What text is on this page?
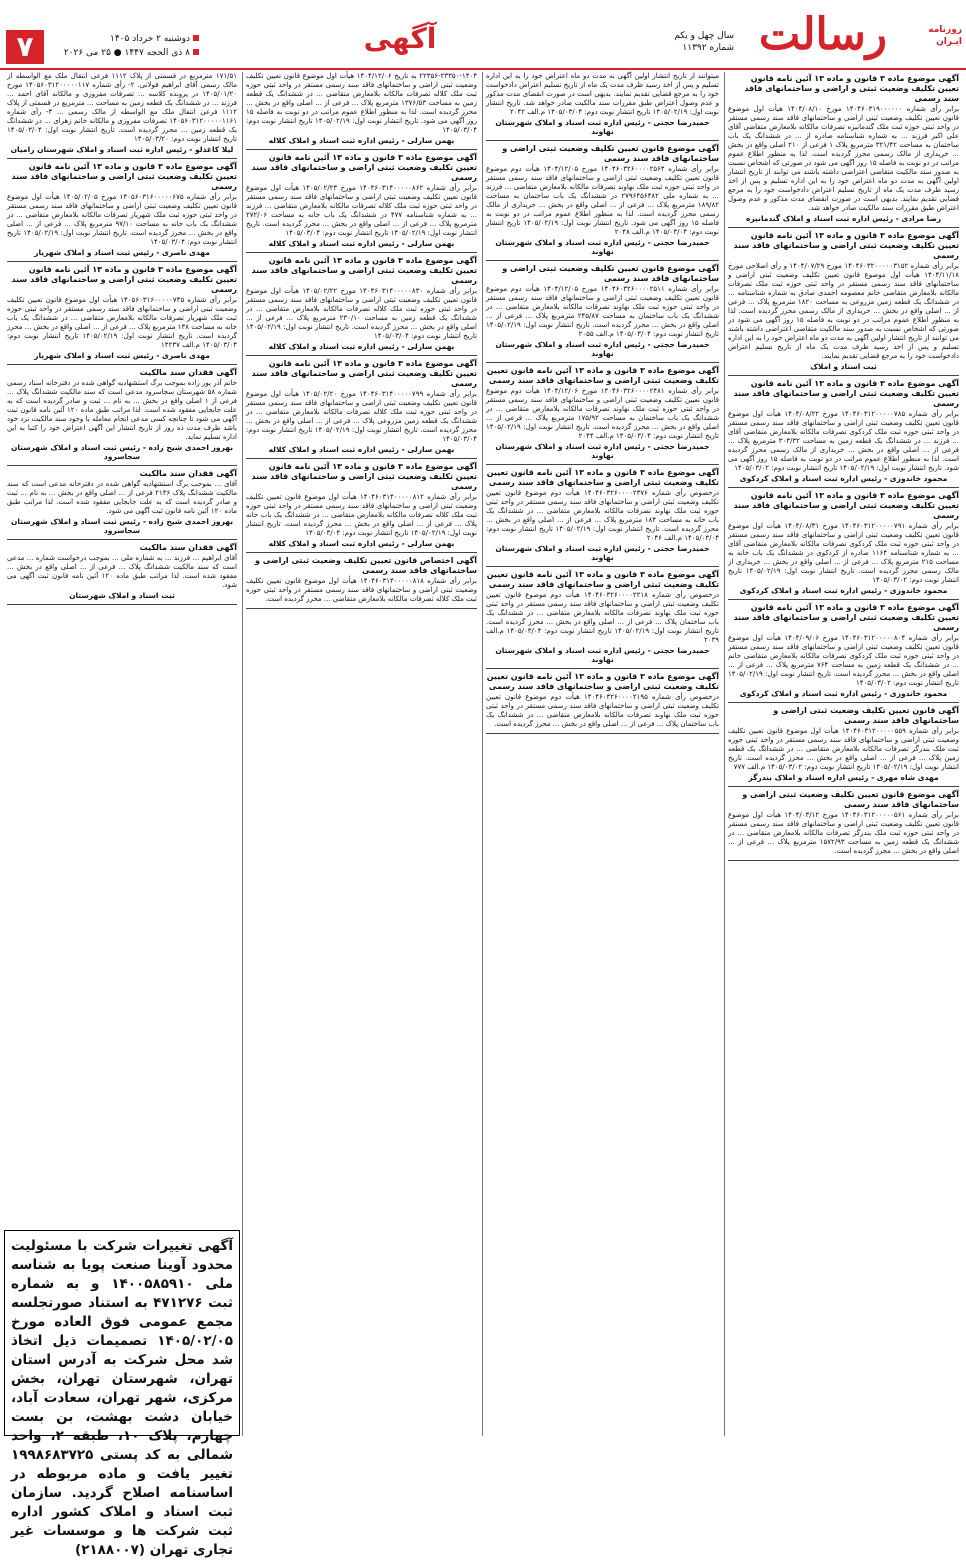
روزنامه
ایـران
رسالت
سال چهل و یکم
شماره ۱۱۳۹۲
آگهی
دوشنبه ۲ خرداد ۱۴۰۵
۸ ذی الحجه ۱۴۴۷ ● ۲۵ می ۲۰۲۶
۷
آگهی موضوع ماده ۳ قانون و ماده ۱۳ آئین نامه قانون تعیین تکلیف وضعیت ثبتی و اراضی و ساختمانهای فاقد سند رسمی
برابر رأی شماره ۱۴۰۴۶۰۳۱۹۰۰۰۰۰۰ مورخ ۱۴۰۴/۰۸/۱۰ هیأت اول موضوع قانون تعیین تکلیف وضعیت ثبتی اراضی و ساختمانهای فاقد سند رسمی مستقر در واحد ثبتی حوزه ثبت ملک گندمانیزه تصرفات مالکانه بلامعارض متقاضی آقای علی اکبر فرزند ... به شماره شناسنامه صادره از ... در ششدانگ یک باب ساختمان به مساحت ۳۲۱/۴۲ مترمربع پلاک ۱ فرعی از ۲۱۰ اصلی واقع در بخش ... خریداری از مالک رسمی محرز گردیده است. لذا به منظور اطلاع عموم مراتب در دو نوبت به فاصله ۱۵ روز آگهی می شود در صورتی که اشخاص نسبت به صدور سند مالکیت متقاضی اعتراضی داشته باشند می توانند از تاریخ انتشار اولین آگهی به مدت دو ماه اعتراض خود را به این اداره تسلیم و پس از اخذ رسید ظرف مدت یک ماه از تاریخ تسلیم اعتراض دادخواست خود را به مرجع قضایی تقدیم نمایند. بدیهی است در صورت انقضای مدت مذکور و عدم وصول اعتراض طبق مقررات سند مالکیت صادر خواهد شد.
رضا مرادی - رئیس اداره ثبت اسناد و املاک گندمانیزه
آگهی موضوع ماده ۳ قانون و ماده ۱۳ آئین نامه قانون تعیین تکلیف وضعیت ثبتی اراضی و ساختمانهای فاقد سند رسمی
برابر رأی شماره ۱۴۰۴۶۰۳۲۰۰۰۰۰۳۱۵۲ مورخ ۱۴۰۴/۰۷/۲۹ و رأی اصلاحی مورخ ۱۴۰۴/۱۱/۱۸ هیأت اول موضوع قانون تعیین تکلیف وضعیت ثبتی اراضی و ساختمانهای فاقد سند رسمی مستقر در واحد ثبتی حوزه ثبت ملک تصرفات مالکانه بلامعارض متقاضی خانم معصومه احمدی صادق به شماره شناسنامه ... در ششدانگ یک قطعه زمین مزروعی به مساحت ۱۸۲۰ مترمربع پلاک ... فرعی از ... اصلی واقع در بخش ... خریداری از مالک رسمی محرز گردیده است. لذا به منظور اطلاع عموم مراتب در دو نوبت به فاصله ۱۵ روز آگهی می شود در صورتی که اشخاص نسبت به صدور سند مالکیت متقاضی اعتراضی داشته باشند می توانند از تاریخ انتشار اولین آگهی به مدت دو ماه اعتراض خود را به این اداره تسلیم و پس از اخذ رسید ظرف مدت یک ماه از تاریخ تسلیم اعتراض دادخواست خود را به مرجع قضایی تقدیم نمایند.
ثبت اسناد و املاک
آگهی موضوع ماده ۳ قانون و ماده ۱۳ آئین نامه قانون تعیین تکلیف وضعیت ثبتی اراضی و ساختمانهای فاقد سند رسمی
برابر رأی شماره ۱۴۰۴۶۰۳۱۲۰۰۰۰۰۷۸۵ مورخ ۱۴۰۴/۰۸/۲۲ هیأت اول موضوع قانون تعیین تکلیف وضعیت ثبتی اراضی و ساختمانهای فاقد سند رسمی مستقر در واحد ثبتی حوزه ثبت ملک کردکوی تصرفات مالکانه بلامعارض متقاضی آقای ... فرزند ... در ششدانگ یک قطعه زمین به مساحت ۳۰۳/۳۲ مترمربع پلاک ... فرعی از ... اصلی واقع در بخش ... خریداری از مالک رسمی محرز گردیده است. لذا به منظور اطلاع عموم مراتب در دو نوبت به فاصله ۱۵ روز آگهی می شود. تاریخ انتشار نوبت اول: ۱۴۰۵/۰۲/۱۹ تاریخ انتشار نوبت دوم: ۱۴۰۵/۰۳/۰۲
محمود خاندوزی - رئیس اداره ثبت اسناد و املاک کردکوی
آگهی موضوع ماده ۳ قانون و ماده ۱۳ آئین نامه قانون تعیین تکلیف وضعیت ثبتی اراضی و ساختمانهای فاقد سند رسمی
برابر رأی شماره ۱۴۰۴۶۰۳۱۲۰۰۰۰۰۷۹۱ مورخ ۱۴۰۴/۰۸/۳۱ هیأت اول موضوع قانون تعیین تکلیف وضعیت ثبتی اراضی و ساختمانهای فاقد سند رسمی مستقر در واحد ثبتی حوزه ثبت ملک کردکوی تصرفات مالکانه بلامعارض متقاضی آقای ... به شماره شناسنامه ۱۱۶۴ صادره از کردکوی در ششدانگ یک باب خانه به مساحت ۲۱۵ مترمربع پلاک ... فرعی از ... اصلی واقع در بخش ... خریداری از مالک رسمی محرز گردیده است. تاریخ انتشار نوبت اول: ۱۴۰۵/۰۲/۱۹ تاریخ انتشار نوبت دوم: ۱۴۰۵/۰۳/۰۲
محمود خاندوزی - رئیس اداره ثبت اسناد و املاک کردکوی
آگهی موضوع ماده ۳ قانون و ماده ۱۳ آئین نامه قانون تعیین تکلیف وضعیت ثبتی اراضی و ساختمانهای فاقد سند رسمی
برابر رأی شماره ۱۴۰۴۶۰۳۱۲۰۰۰۰۰۸۰۴ مورخ ۱۴۰۴/۰۹/۰۶ هیأت اول موضوع قانون تعیین تکلیف وضعیت ثبتی اراضی و ساختمانهای فاقد سند رسمی مستقر در واحد ثبتی حوزه ثبت ملک کردکوی تصرفات مالکانه بلامعارض متقاضی خانم ... در ششدانگ یک قطعه زمین به مساحت ۷۶۴ مترمربع پلاک ... فرعی از ... اصلی واقع در بخش ... محرز گردیده است. تاریخ انتشار نوبت اول: ۱۴۰۵/۰۲/۱۹ تاریخ انتشار نوبت دوم: ۱۴۰۵/۰۳/۰۲
محمود خاندوزی - رئیس اداره ثبت اسناد و املاک کردکوی
آگهی قانون تعیین تکلیف وضعیت ثبتی اراضی و ساختمانهای فاقد سند رسمی
برابر رأی شماره ۱۴۰۴۶۰۳۱۲۰۰۰۰۰۵۵۹ هیأت اول موضوع قانون تعیین تکلیف وضعیت ثبتی اراضی و ساختمانهای فاقد سند رسمی مستقر در واحد ثبتی حوزه ثبت ملک بندرگز تصرفات مالکانه بلامعارض متقاضی ... در ششدانگ یک قطعه زمین پلاک ... فرعی از ... اصلی واقع در بخش ... محرز گردیده است. تاریخ انتشار نوبت اول: ۱۴۰۵/۰۲/۱۹ تاریخ انتشار نوبت دوم: ۱۴۰۵/۰۳/۰۲ م.الف ۷۷۷
مهدی شاه مهری - رئیس اداره اسناد و املاک بندرگز
آگهی موضوع قانون تعیین تکلیف وضعیت ثبتی اراضی و ساختمانهای فاقد سند رسمی
برابر رأی شماره ۱۴۰۴۶۰۳۱۲۰۰۰۰۰۵۶۱ مورخ ۱۴۰۴/۰۳/۱۲ هیأت اول موضوع قانون تعیین تکلیف وضعیت ثبتی اراضی و ساختمانهای فاقد سند رسمی مستقر در واحد ثبتی حوزه ثبت ملک بندرگز تصرفات مالکانه بلامعارض متقاضی ... در ششدانگ یک قطعه زمین به مساحت ۱۵۷۲/۹۳ مترمربع پلاک ... فرعی از ... اصلی واقع در بخش ... محرز گردیده است.
میتوانند از تاریخ انتشار اولین آگهی به مدت دو ماه اعتراض خود را به این اداره تسلیم و پس از اخذ رسید ظرف مدت یک ماه از تاریخ تسلیم اعتراض دادخواست خود را به مرجع قضایی تقدیم نمایند. بدیهی است در صورت انقضای مدت مذکور و عدم وصول اعتراض طبق مقررات سند مالکیت صادر خواهد شد. تاریخ انتشار نوبت اول: ۱۴۰۵/۰۲/۱۹ تاریخ انتشار نوبت دوم: ۱۴۰۵/۰۳/۰۴ م.الف ۲۰۴۲
حمیدرضا حجتی - رئیس اداره ثبت اسناد و املاک شهرستان نهاوند
آگهی موضوع قانون تعیین تکلیف وضعیت ثبتی اراضی و ساختمانهای فاقد سند رسمی
برابر رأی شماره ۱۴۰۴۶۰۳۲۶۰۰۰۰۲۵۶۴ مورخ ۱۴۰۴/۱۲/۰۵ هیأت دوم موضوع قانون تعیین تکلیف وضعیت ثبتی اراضی و ساختمانهای فاقد سند رسمی مستقر در واحد ثبتی حوزه ثبت ملک نهاوند تصرفات مالکانه بلامعارض متقاضی ... فرزند ... به شماره ملی ۲۷۹۶۴۵۶۴۸۲ در ششدانگ یک باب ساختمان به مساحت ۱۸۹/۸۲ مترمربع پلاک ... فرعی از ... اصلی واقع در بخش ... خریداری از مالک رسمی محرز گردیده است. لذا به منظور اطلاع عموم مراتب در دو نوبت به فاصله ۱۵ روز آگهی می شود. تاریخ انتشار نوبت اول: ۱۴۰۵/۰۲/۱۹ تاریخ انتشار نوبت دوم: ۱۴۰۵/۰۳/۰۴ م.الف ۲۰۴۸
حمیدرضا حجتی - رئیس اداره ثبت اسناد و املاک شهرستان نهاوند
آگهی موضوع قانون تعیین تکلیف وضعیت ثبتی اراضی و ساختمانهای فاقد سند رسمی
برابر رأی شماره ۱۴۰۴۶۰۳۲۶۰۰۰۰۲۵۱۱ مورخ ۱۴۰۴/۱۲/۰۵ هیأت دوم موضوع قانون تعیین تکلیف وضعیت ثبتی اراضی و ساختمانهای فاقد سند رسمی مستقر در واحد ثبتی حوزه ثبت ملک نهاوند تصرفات مالکانه بلامعارض متقاضی ... در ششدانگ یک باب ساختمان به مساحت ۲۴۵/۸۷ مترمربع پلاک ... فرعی از ... اصلی واقع در بخش ... محرز گردیده است. تاریخ انتشار نوبت اول: ۱۴۰۵/۰۲/۱۹ تاریخ انتشار نوبت دوم: ۱۴۰۵/۰۳/۰۴ م.الف ۲۰۵۵
حمیدرضا حجتی - رئیس اداره ثبت اسناد و املاک شهرستان نهاوند
آگهی موضوع ماده ۳ قانون و ماده ۱۳ آئین نامه قانون تعیین تکلیف وضعیت ثبتی اراضی و ساختمانهای فاقد سند رسمی
برابر رأی شماره ۱۴۰۴۶۰۳۲۶۰۰۰۰۲۴۸۱ مورخ ۱۴۰۴/۱۲/۰۶ هیأت دوم موضوع قانون تعیین تکلیف وضعیت ثبتی اراضی و ساختمانهای فاقد سند رسمی مستقر در واحد ثبتی حوزه ثبت ملک نهاوند تصرفات مالکانه بلامعارض متقاضی ... در ششدانگ یک باب ساختمان به مساحت ۱۷۵/۹۲ مترمربع پلاک ... فرعی از ... اصلی واقع در بخش ... محرز گردیده است. تاریخ انتشار نوبت اول: ۱۴۰۵/۰۲/۱۹ تاریخ انتشار نوبت دوم: ۱۴۰۵/۰۳/۰۴ م.الف ۲۰۴۴
حمیدرضا حجتی - رئیس اداره ثبت اسناد و املاک شهرستان نهاوند
آگهی موضوع ماده ۳ قانون و ماده ۱۳ آئین نامه قانون تعیین تکلیف وضعیت ثبتی اراضی و ساختمانهای فاقد سند رسمی
درخصوص رأی شماره ۱۴۰۴۶۰۳۲۶۰۰۰۰۲۳۷۶ هیأت دوم موضوع قانون تعیین تکلیف وضعیت ثبتی اراضی و ساختمانهای فاقد سند رسمی مستقر در واحد ثبتی حوزه ثبت ملک نهاوند تصرفات مالکانه بلامعارض متقاضی ... در ششدانگ یک باب خانه به مساحت ۱۸۴ مترمربع پلاک ... فرعی از ... اصلی واقع در بخش ... محرز گردیده است. تاریخ انتشار نوبت اول: ۱۴۰۵/۰۲/۱۹ تاریخ انتشار نوبت دوم: ۱۴۰۵/۰۳/۰۴ م.الف ۲۰۴۶
حمیدرضا حجتی - رئیس اداره ثبت اسناد و املاک شهرستان نهاوند
آگهی موضوع ماده ۳ قانون و ماده ۱۳ آئین نامه قانون تعیین تکلیف وضعیت ثبتی اراضی و ساختمانهای فاقد سند رسمی
درخصوص رأی شماره ۱۴۰۴۶۰۳۲۶۰۰۰۰۲۲۱۸ هیأت دوم موضوع قانون تعیین تکلیف وضعیت ثبتی اراضی و ساختمانهای فاقد سند رسمی مستقر در واحد ثبتی حوزه ثبت ملک نهاوند تصرفات مالکانه بلامعارض متقاضی ... در ششدانگ یک باب ساختمان پلاک ... فرعی از ... اصلی واقع در بخش ... محرز گردیده است. تاریخ انتشار نوبت اول: ۱۴۰۵/۰۲/۱۹ تاریخ انتشار نوبت دوم: ۱۴۰۵/۰۳/۰۴ م.الف ۲۰۳۹
حمیدرضا حجتی - رئیس اداره ثبت اسناد و املاک شهرستان نهاوند
آگهی موضوع ماده ۳ قانون و ماده ۱۳ آئین نامه قانون تعیین تکلیف وضعیت ثبتی اراضی و ساختمانهای فاقد سند رسمی
درخصوص رأی شماره ۱۴۰۴۶۰۳۲۶۰۰۰۰۲۱۹۵ هیأت دوم موضوع قانون تعیین تکلیف وضعیت ثبتی اراضی و ساختمانهای فاقد سند رسمی مستقر در واحد ثبتی حوزه ثبت ملک نهاوند تصرفات مالکانه بلامعارض متقاضی ... در ششدانگ یک باب ساختمان پلاک ... فرعی از ... اصلی واقع در بخش ... محرز گردیده است.
۲۲۳۵۶-۲۳۳۵۰-۱۴۰۴ به تاریخ ۱۴۰۴/۱۲/۰۶ هیأت اول موضوع قانون تعیین تکلیف وضعیت ثبتی اراضی و ساختمانهای فاقد سند رسمی مستقر در واحد ثبتی حوزه ثبت ملک کلاله تصرفات مالکانه بلامعارض متقاضی ... در ششدانگ یک قطعه زمین به مساحت ۱۳۷۶/۵۳ مترمربع پلاک ... فرعی از ... اصلی واقع در بخش ... محرز گردیده است. لذا به منظور اطلاع عموم مراتب در دو نوبت به فاصله ۱۵ روز آگهی می شود. تاریخ انتشار نوبت اول: ۱۴۰۵/۰۲/۱۹ تاریخ انتشار نوبت دوم: ۱۴۰۵/۰۳/۰۴
بهمن سارلی - رئیس اداره ثبت اسناد و املاک کلاله
آگهی موضوع ماده ۳ قانون و ماده ۱۳ آئین نامه قانون تعیین تکلیف وضعیت ثبتی اراضی و ساختمانهای فاقد سند رسمی
برابر رأی شماره ۱۴۰۴۶۰۳۱۴۰۰۰۰۰۸۶۲ مورخ ۱۴۰۵/۰۲/۲۳ هیأت اول موضوع قانون تعیین تکلیف وضعیت ثبتی اراضی و ساختمانهای فاقد سند رسمی مستقر در واحد ثبتی حوزه ثبت ملک کلاله تصرفات مالکانه بلامعارض متقاضی ... فرزند ... به شماره شناسنامه ۴۷۷ در ششدانگ یک باب خانه به مساحت ۲۷۲/۰۶ مترمربع پلاک ... فرعی از ... اصلی واقع در بخش ... محرز گردیده است. تاریخ انتشار نوبت اول: ۱۴۰۵/۰۲/۱۹ تاریخ انتشار نوبت دوم: ۱۴۰۵/۰۳/۰۴
بهمن سارلی - رئیس اداره ثبت اسناد و املاک کلاله
آگهی موضوع ماده ۳ قانون و ماده ۱۳ آئین نامه قانون تعیین تکلیف وضعیت ثبتی اراضی و ساختمانهای فاقد سند رسمی
برابر رأی شماره ۱۴۰۴۶۰۳۱۴۰۰۰۰۰۸۳۰ مورخ ۱۴۰۵/۰۲/۲۲ هیأت اول موضوع قانون تعیین تکلیف وضعیت ثبتی اراضی و ساختمانهای فاقد سند رسمی مستقر در واحد ثبتی حوزه ثبت ملک کلاله تصرفات مالکانه بلامعارض متقاضی ... در ششدانگ یک قطعه زمین به مساحت ۲۳۰/۱۰ مترمربع پلاک ... فرعی از ... اصلی واقع در بخش ... محرز گردیده است. تاریخ انتشار نوبت اول: ۱۴۰۵/۰۲/۱۹ تاریخ انتشار نوبت دوم: ۱۴۰۵/۰۳/۰۴
بهمن سارلی - رئیس اداره ثبت اسناد و املاک کلاله
آگهی موضوع ماده ۳ قانون و ماده ۱۳ آئین نامه قانون تعیین تکلیف وضعیت ثبتی اراضی و ساختمانهای فاقد سند رسمی
برابر رأی شماره ۱۴۰۴۶۰۳۱۴۰۰۰۰۰۷۹۹ مورخ ۱۴۰۵/۰۲/۲۰ هیأت اول موضوع قانون تعیین تکلیف وضعیت ثبتی اراضی و ساختمانهای فاقد سند رسمی مستقر در واحد ثبتی حوزه ثبت ملک کلاله تصرفات مالکانه بلامعارض متقاضی ... در ششدانگ یک قطعه زمین مزروعی پلاک ... فرعی از ... اصلی واقع در بخش ... محرز گردیده است. تاریخ انتشار نوبت اول: ۱۴۰۵/۰۲/۱۹ تاریخ انتشار نوبت دوم: ۱۴۰۵/۰۳/۰۴
بهمن سارلی - رئیس اداره ثبت اسناد و املاک کلاله
آگهی موضوع ماده ۳ قانون و ماده ۱۳ آئین نامه قانون تعیین تکلیف وضعیت ثبتی اراضی و ساختمانهای فاقد سند رسمی
برابر رأی شماره ۱۴۰۴۶۰۳۱۴۰۰۰۰۰۸۱۲ هیأت اول موضوع قانون تعیین تکلیف وضعیت ثبتی اراضی و ساختمانهای فاقد سند رسمی مستقر در واحد ثبتی حوزه ثبت ملک کلاله تصرفات مالکانه بلامعارض متقاضی ... در ششدانگ یک باب خانه پلاک ... فرعی از ... اصلی واقع در بخش ... محرز گردیده است. تاریخ انتشار نوبت اول: ۱۴۰۵/۰۲/۱۹ تاریخ انتشار نوبت دوم: ۱۴۰۵/۰۳/۰۴
بهمن سارلی - رئیس اداره ثبت اسناد و املاک کلاله
آگهی اختصاص قانون تعیین تکلیف وضعیت ثبتی اراضی و ساختمانهای فاقد سند رسمی
برابر رأی شماره ۱۴۰۴۶۰۳۱۴۰۰۰۰۰۸۱۸ هیأت اول موضوع قانون تعیین تکلیف وضعیت ثبتی اراضی و ساختمانهای فاقد سند رسمی مستقر در واحد ثبتی حوزه ثبت ملک کلاله تصرفات مالکانه بلامعارض متقاضی ... محرز گردیده است.
۱۷۱/۵۱ مترمربع در قسمتی از پلاک ۱۱۱۲ فرعی انتقال ملک مع الواسطه از مالک رسمی آقای ابراهیم قولانی. ۲- رأی شماره ۱۴۰۵۶۰۳۱۲۰۰۰۰۰۱۱۷ مورخ ۱۴۰۵/۰۱/۲۰ در پرونده کلاسه ... تصرفات مفروزی و مالکانه آقای احمد ... فرزند ... در ششدانگ یک قطعه زمین به مساحت ... مترمربع در قسمتی از پلاک ۱۱۱۲ فرعی انتقال ملک مع الواسطه از مالک رسمی ... ۳- رأی شماره ۱۴۰۵۶۰۳۱۲۰۰۰۰۰۱۱۶۱ تصرفات مفروزی و مالکانه خانم زهرای ... در ششدانگ یک قطعه زمین ... محرز گردیده است. تاریخ انتشار نوبت اول: ۱۴۰۵/۰۳/۰۴ تاریخ انتشار نوبت دوم: ۱۴۰۵/۰۳/۲۰
لیلا کاغذلو - رئیس اداره ثبت اسناد و املاک شهرستان رامیان
آگهی موضوع ماده ۳ قانون و ماده ۱۳ آئین نامه قانون تعیین تکلیف وضعیت ثبتی اراضی و ساختمانهای فاقد سند رسمی
برابر رأی شماره ۱۴۰۵۶۰۳۱۶۰۰۰۰۰۶۷۵ مورخ ۱۴۰۵/۰۲/۰۵ هیأت اول موضوع قانون تعیین تکلیف وضعیت ثبتی اراضی و ساختمانهای فاقد سند رسمی مستقر در واحد ثبتی حوزه ثبت ملک شهریار تصرفات مالکانه بلامعارض متقاضی ... در ششدانگ یک باب خانه به مساحت ۹۷/۱۰ مترمربع پلاک ... فرعی از ... اصلی واقع در بخش ... محرز گردیده است. تاریخ انتشار نوبت اول: ۱۴۰۵/۰۲/۱۹ تاریخ انتشار نوبت دوم: ۱۴۰۵/۰۳/۰۴
مهدی ناصری - رئیس ثبت اسناد و املاک شهریار
آگهی موضوع ماده ۳ قانون و ماده ۱۳ آئین نامه قانون تعیین تکلیف وضعیت ثبتی اراضی و ساختمانهای فاقد سند رسمی
برابر رأی شماره ۱۴۰۵۶۰۳۱۶۰۰۰۰۰۷۳۵ هیأت اول موضوع قانون تعیین تکلیف وضعیت ثبتی اراضی و ساختمانهای فاقد سند رسمی مستقر در واحد ثبتی حوزه ثبت ملک شهریار تصرفات مالکانه بلامعارض متقاضی ... در ششدانگ یک باب خانه به مساحت ۱۳۸ مترمربع پلاک ... فرعی از ... اصلی واقع در بخش ... محرز گردیده است. تاریخ انتشار نوبت اول: ۱۴۰۵/۰۲/۱۹ تاریخ انتشار نوبت دوم: ۱۴۰۵/۰۳/۰۴ م.الف ۱۴۲۳۷
مهدی ناصری - رئیس ثبت اسناد و املاک شهریار
آگهی فقدان سند مالکیت
خانم آذر پور زاده بموجب برگ استشهادیه گواهی شده در دفترخانه اسناد رسمی شماره ۵۸ شهرستان سجاسرود مدعی است که سند مالکیت ششدانگ پلاک ... فرعی از ۱ اصلی واقع در بخش ... به نام ... ثبت و صادر گردیده است که به علت جابجایی مفقود شده است. لذا مراتب طبق ماده ۱۲۰ آئین نامه قانون ثبت آگهی می شود تا چنانچه کسی مدعی انجام معامله یا وجود سند مالکیت نزد خود باشد ظرف مدت ده روز از تاریخ انتشار این آگهی اعتراض خود را کتبا به این اداره تسلیم نماید.
بهروز احمدی شیخ زاده - رئیس ثبت اسناد و املاک شهرستان سجاسرود
آگهی فقدان سند مالکیت
آقای ... بموجب برگ استشهادیه گواهی شده در دفترخانه مدعی است که سند مالکیت ششدانگ پلاک ۲۱۳۶ فرعی از ... اصلی واقع در بخش ... به نام ... ثبت و صادر گردیده است که به علت جابجایی مفقود شده است. لذا مراتب طبق ماده ۱۲۰ آئین نامه قانون ثبت آگهی می شود.
بهروز احمدی شیخ زاده - رئیس ثبت اسناد و املاک شهرستان سجاسرود
آگهی فقدان سند مالکیت
آقای ابراهیم ... فرزند ... به شماره ملی ... بموجب درخواست شماره ... مدعی است که سند مالکیت ششدانگ پلاک ... فرعی از ... اصلی واقع در بخش ... مفقود شده است. لذا مراتب طبق ماده ۱۲۰ آئین نامه قانون ثبت آگهی می شود.
ثبت اسناد و املاک شهرستان
آگهی تغییرات شرکت با مسئولیت محدود آوینا صنعت پویا به شناسه ملی ۱۴۰۰۵۸۵۹۱۰ و به شماره ثبت ۴۷۱۲۷۶ به استناد صورتجلسه مجمع عمومی فوق العاده مورخ ۱۴۰۵/۰۲/۰۵ تصمیمات ذیل اتخاذ شد محل شرکت به آدرس استان تهران، شهرستان تهران، بخش مرکزی، شهر تهران، سعادت آباد، خیابان دشت بهشت، بن بست چهارم، پلاک ۱۰، طبقه ۲، واحد شمالی به کد پستی ۱۹۹۸۶۸۳۷۲۵ تغییر یافت و ماده مربوطه در اساسنامه اصلاح گردید. سازمان ثبت اسناد و املاک کشور اداره ثبت شرکت ها و موسسات غیر تجاری تهران (۲۱۸۸۰۰۷)
